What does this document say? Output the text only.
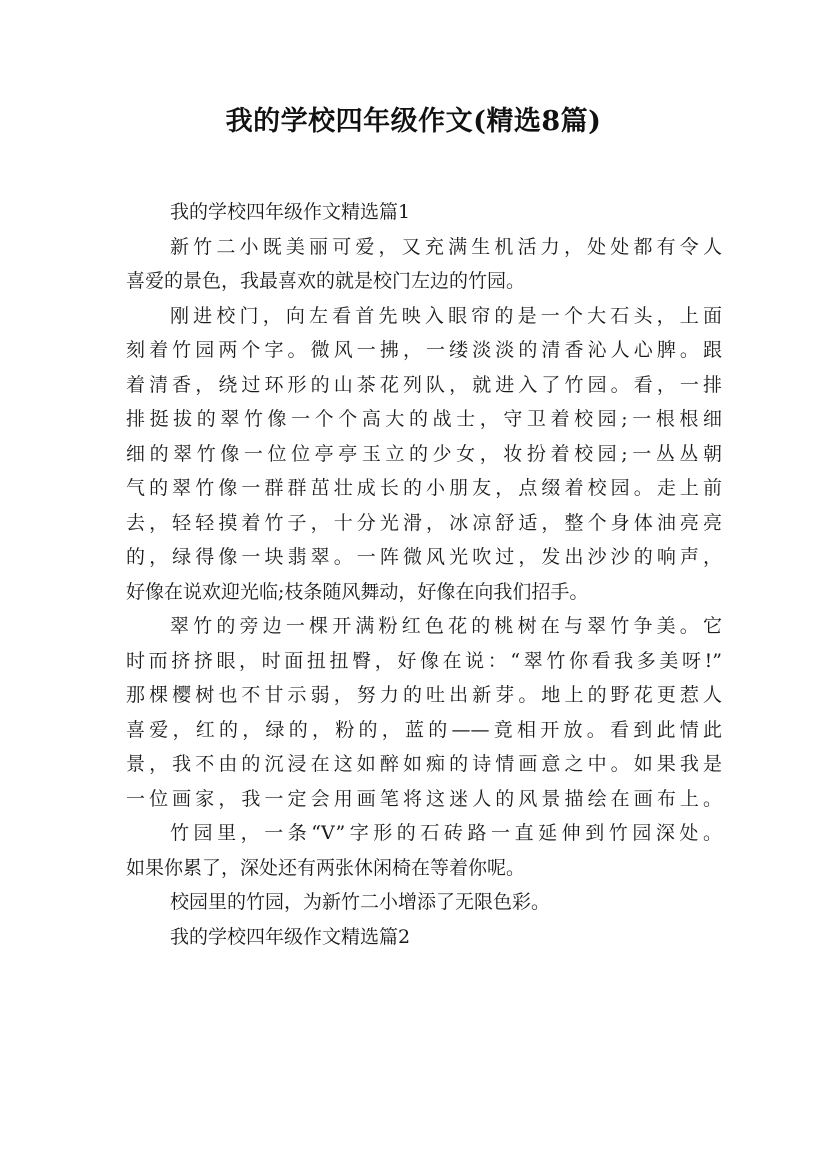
我的学校四年级作文(精选8篇)
我的学校四年级作文精选篇1
新竹二小既美丽可爱，又充满生机活力，处处都有令人
喜爱的景色，我最喜欢的就是校门左边的竹园。
刚进校门，向左看首先映入眼帘的是一个大石头，上面
刻着竹园两个字。微风一拂，一缕淡淡的清香沁人心脾。跟
着清香，绕过环形的山茶花列队，就进入了竹园。看，一排
排挺拔的翠竹像一个个高大的战士，守卫着校园;一根根细
细的翠竹像一位位亭亭玉立的少女，妆扮着校园;一丛丛朝
气的翠竹像一群群茁壮成长的小朋友，点缀着校园。走上前
去，轻轻摸着竹子，十分光滑，冰凉舒适，整个身体油亮亮
的，绿得像一块翡翠。一阵微风光吹过，发出沙沙的响声，
好像在说欢迎光临;枝条随风舞动，好像在向我们招手。
翠竹的旁边一棵开满粉红色花的桃树在与翠竹争美。它
时而挤挤眼，时面扭扭臀，好像在说：“翠竹你看我多美呀!”
那棵樱树也不甘示弱，努力的吐出新芽。地上的野花更惹人
喜爱，红的，绿的，粉的，蓝的——竟相开放。看到此情此
景，我不由的沉浸在这如醉如痴的诗情画意之中。如果我是
一位画家，我一定会用画笔将这迷人的风景描绘在画布上。
竹园里，一条“V”字形的石砖路一直延伸到竹园深处。
如果你累了，深处还有两张休闲椅在等着你呢。
校园里的竹园，为新竹二小增添了无限色彩。
我的学校四年级作文精选篇2
